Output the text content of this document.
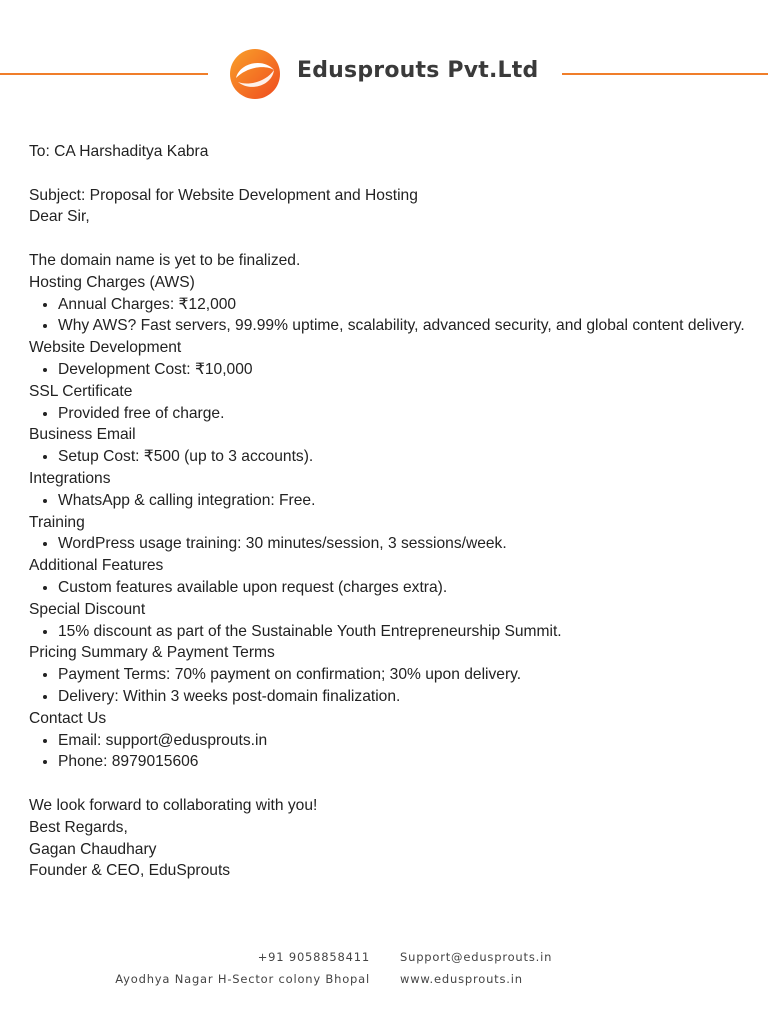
Edusprouts Pvt.Ltd

To: CA Harshaditya Kabra

Subject: Proposal for Website Development and Hosting

Dear Sir,

The domain name is yet to be finalized.

Hosting Charges (AWS)

• Annual Charges: ₹12,000
• Why AWS? Fast servers, 99.99% uptime, scalability, advanced security, and global content delivery.

Website Development

• Development Cost: ₹10,000

SSL Certificate

• Provided free of charge.

Business Email

• Setup Cost: ₹500 (up to 3 accounts).

Integrations

• WhatsApp & calling integration: Free.

Training

• WordPress usage training: 30 minutes/session, 3 sessions/week.

Additional Features

• Custom features available upon request (charges extra).

Special Discount

• 15% discount as part of the Sustainable Youth Entrepreneurship Summit.

Pricing Summary & Payment Terms

• Payment Terms: 70% payment on confirmation; 30% upon delivery.
• Delivery: Within 3 weeks post-domain finalization.

Contact Us

• Email: support@edusprouts.in
• Phone: 8979015606

We look forward to collaborating with you!

Best Regards,

Gagan Chaudhary

Founder & CEO, EduSprouts

+91 9058858411
Ayodhya Nagar H-Sector colony Bhopal
Support@edusprouts.in
www.edusprouts.in
